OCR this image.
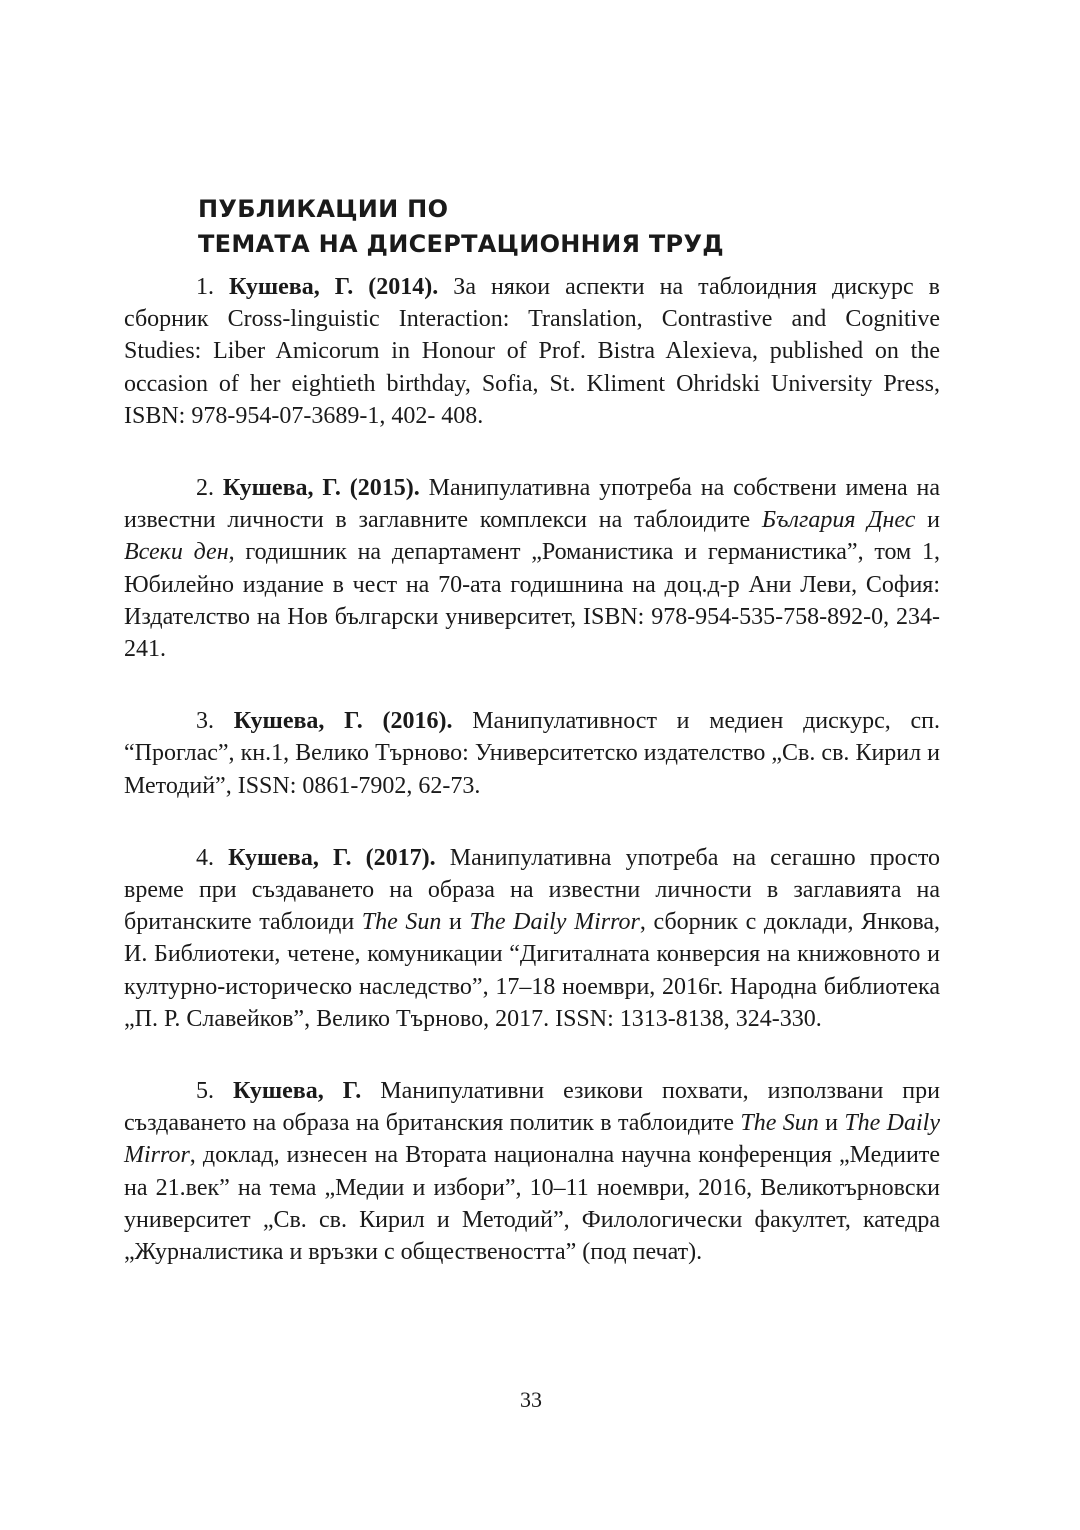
ПУБЛИКАЦИИ ПО
ТЕМАТА НА ДИСЕРТАЦИОННИЯ ТРУД

1. Кушева, Г. (2014). За някои аспекти на таблоидния дискурс в сборник Cross-linguistic Interaction: Translation, Contrastive and Cognitive Studies: Liber Amicorum in Honour of Prof. Bistra Alexieva, published on the occasion of her eightieth birthday, Sofia, St. Kliment Ohridski University Press, ISBN: 978-954-07-3689-1, 402- 408.

2. Кушева, Г. (2015). Манипулативна употреба на собствени имена на известни личности в заглавните комплекси на таблоидите България Днес и Всеки ден, годишник на департамент „Романистика и германистика”, том 1, Юбилейно издание в чест на 70-ата годишнина на доц.д-р Ани Леви, София: Издателство на Нов български университет, ISBN: 978-954-535-758-892-0, 234-241.

3. Кушева, Г. (2016). Манипулативност и медиен дискурс, сп. “Проглас”, кн.1, Велико Търново: Университетско издателство „Св. св. Кирил и Методий”, ISSN: 0861-7902, 62-73.

4. Кушева, Г. (2017). Манипулативна употреба на сегашно просто време при създаването на образа на известни личности в заглавията на британските таблоиди The Sun и The Daily Mirror, сборник с доклади, Янкова, И. Библиотеки, четене, комуникации “Дигиталната конверсия на книжовното и културно-историческо наследство”, 17–18 ноември, 2016г. Народна библиотека „П. Р. Славейков”, Велико Търново, 2017. ISSN: 1313-8138, 324-330.

5. Кушева, Г. Манипулативни езикови похвати, използвани при създаването на образа на британския политик в таблоидите The Sun и The Daily Mirror, доклад, изнесен на Втората национална научна конференция „Медиите на 21.век” на тема „Медии и избори”, 10–11 ноември, 2016, Великотърновски университет „Св. св. Кирил и Методий”, Филологически факултет, катедра „Журналистика и връзки с обществеността” (под печат).

33
